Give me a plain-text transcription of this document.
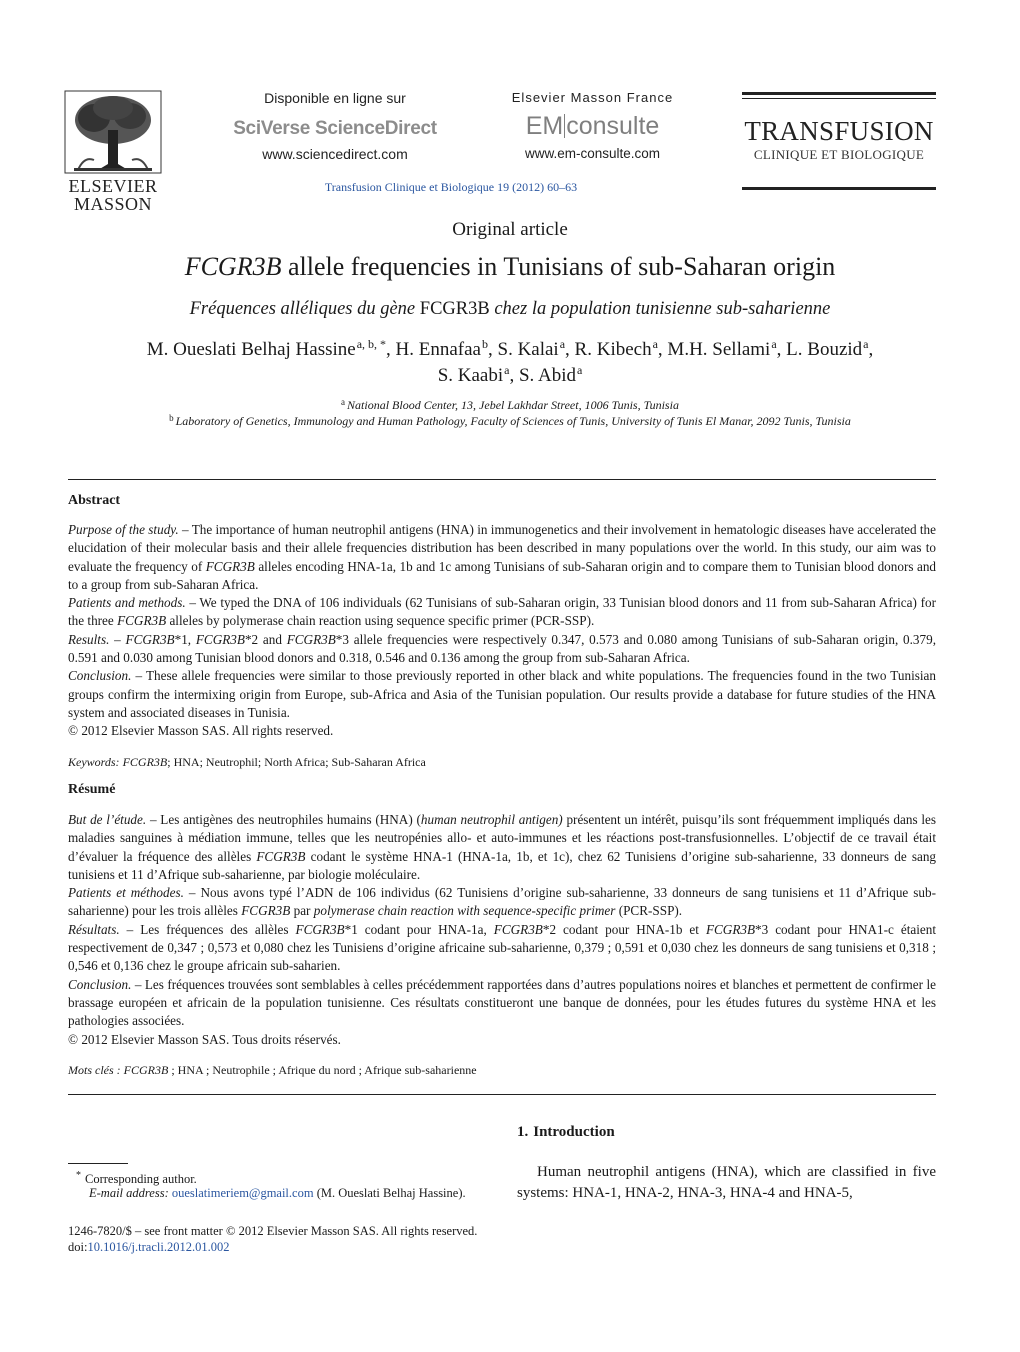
ELSEVIER
MASSON
Disponible en ligne sur
SciVerse ScienceDirect
www.sciencedirect.com
Elsevier Masson France
EM consulte
www.em-consulte.com
Transfusion Clinique et Biologique 19 (2012) 60–63
TRANSFUSION
CLINIQUE ET BIOLOGIQUE
Original article
FCGR3B allele frequencies in Tunisians of sub-Saharan origin
Fréquences alléliques du gène FCGR3B chez la population tunisienne sub-saharienne
M. Oueslati Belhaj Hassine$^{a, b, *}$, H. Ennafaa$^b$, S. Kalai$^a$, R. Kibech$^a$, M.H. Sellami$^a$, L. Bouzid$^a$,
S. Kaabi$^a$, S. Abid$^a$
$^a$ National Blood Center, 13, Jebel Lakhdar Street, 1006 Tunis, Tunisia
$^b$ Laboratory of Genetics, Immunology and Human Pathology, Faculty of Sciences of Tunis, University of Tunis El Manar, 2092 Tunis, Tunisia
Abstract

Purpose of the study. – The importance of human neutrophil antigens (HNA) in immunogenetics and their involvement in hematologic diseases have accelerated the elucidation of their molecular basis and their allele frequencies distribution has been described in many populations over the world. In this study, our aim was to evaluate the frequency of FCGR3B alleles encoding HNA-1a, 1b and 1c among Tunisians of sub-Saharan origin and to compare them to Tunisian blood donors and to a group from sub-Saharan Africa.

Patients and methods. – We typed the DNA of 106 individuals (62 Tunisians of sub-Saharan origin, 33 Tunisian blood donors and 11 from sub-Saharan Africa) for the three FCGR3B alleles by polymerase chain reaction using sequence specific primer (PCR-SSP).

Results. – FCGR3B*1, FCGR3B*2 and FCGR3B*3 allele frequencies were respectively 0.347, 0.573 and 0.080 among Tunisians of sub-Saharan origin, 0.379, 0.591 and 0.030 among Tunisian blood donors and 0.318, 0.546 and 0.136 among the group from sub-Saharan Africa.

Conclusion. – These allele frequencies were similar to those previously reported in other black and white populations. The frequencies found in the two Tunisian groups confirm the intermixing origin from Europe, sub-Africa and Asia of the Tunisian population. Our results provide a database for future studies of the HNA system and associated diseases in Tunisia.

© 2012 Elsevier Masson SAS. All rights reserved.

Keywords: FCGR3B; HNA; Neutrophil; North Africa; Sub-Saharan Africa
Résumé

But de l’étude. – Les antigènes des neutrophiles humains (HNA) (human neutrophil antigen) présentent un intérêt, puisqu’ils sont fréquemment impliqués dans les maladies sanguines à médiation immune, telles que les neutropénies allo- et auto-immunes et les réactions post-transfusionnelles. L’objectif de ce travail était d’évaluer la fréquence des allèles FCGR3B codant le système HNA-1 (HNA-1a, 1b, et 1c), chez 62 Tunisiens d’origine sub-saharienne, 33 donneurs de sang tunisiens et 11 d’Afrique sub-saharienne, par biologie moléculaire.

Patients et méthodes. – Nous avons typé l’ADN de 106 individus (62 Tunisiens d’origine sub-saharienne, 33 donneurs de sang tunisiens et 11 d’Afrique sub-saharienne) pour les trois allèles FCGR3B par polymerase chain reaction with sequence-specific primer (PCR-SSP).

Résultats. – Les fréquences des allèles FCGR3B*1 codant pour HNA-1a, FCGR3B*2 codant pour HNA-1b et FCGR3B*3 codant pour HNA1-c étaient respectivement de 0,347 ; 0,573 et 0,080 chez les Tunisiens d’origine africaine sub-saharienne, 0,379 ; 0,591 et 0,030 chez les donneurs de sang tunisiens et 0,318 ; 0,546 et 0,136 chez le groupe africain sub-saharien.

Conclusion. – Les fréquences trouvées sont semblables à celles précédemment rapportées dans d’autres populations noires et blanches et permettent de confirmer le brassage européen et africain de la population tunisienne. Ces résultats constitueront une banque de données, pour les études futures du système HNA et les pathologies associées.

© 2012 Elsevier Masson SAS. Tous droits réservés.

Mots clés : FCGR3B ; HNA ; Neutrophile ; Afrique du nord ; Afrique sub-saharienne
1. Introduction
Human neutrophil antigens (HNA), which are classified in five systems: HNA-1, HNA-2, HNA-3, HNA-4 and HNA-5,
* Corresponding author.
E-mail address: oueslatimeriem@gmail.com (M. Oueslati Belhaj Hassine).
1246-7820/$ – see front matter © 2012 Elsevier Masson SAS. All rights reserved.
doi:10.1016/j.tracli.2012.01.002
